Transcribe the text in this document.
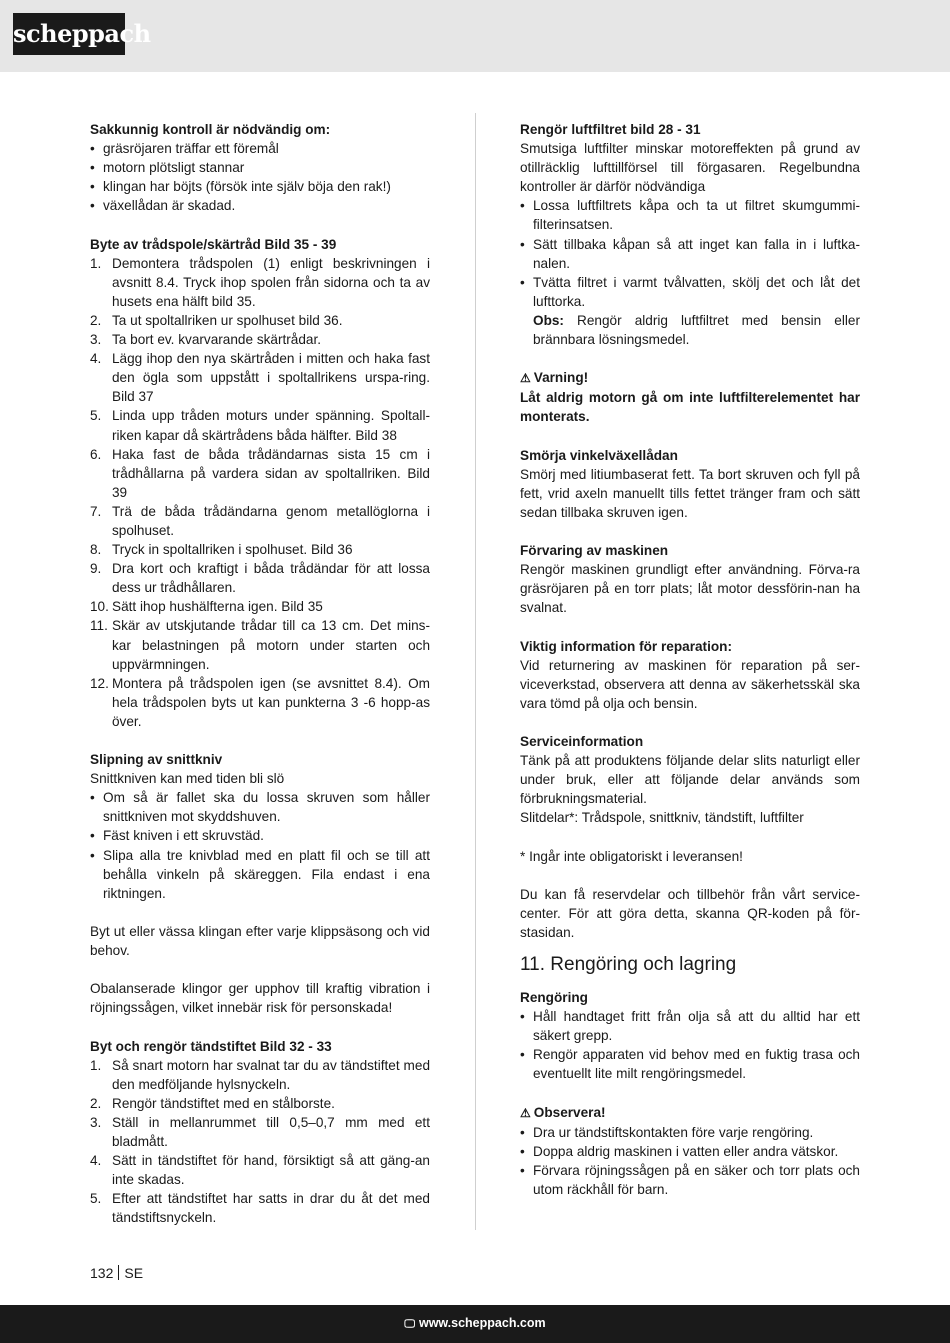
scheppach
Sakkunnig kontroll är nödvändig om:
• gräsröjaren träffar ett föremål
• motorn plötsligt stannar
• klingan har böjts (försök inte själv böja den rak!)
• växellådan är skadad.
Byte av trådspole/skärtråd Bild 35 - 39
1. Demontera trådspolen (1) enligt beskrivningen i avsnitt 8.4. Tryck ihop spolen från sidorna och ta av husets ena hälft bild 35.
2. Ta ut spoltallriken ur spolhuset bild 36.
3. Ta bort ev. kvarvarande skärtrådar.
4. Lägg ihop den nya skärtråden i mitten och haka fast den ögla som uppstått i spoltallrikens urspa-ring. Bild 37
5. Linda upp tråden moturs under spänning. Spoltall-riken kapar då skärtrådens båda hälfter. Bild 38
6. Haka fast de båda trådändarnas sista 15 cm i trådhållarna på vardera sidan av spoltallriken. Bild 39
7. Trä de båda trådändarna genom metallöglorna i spolhuset.
8. Tryck in spoltallriken i spolhuset. Bild 36
9. Dra kort och kraftigt i båda trådändar för att lossa dess ur trådhållaren.
10. Sätt ihop hushälfterna igen. Bild 35
11. Skär av utskjutande trådar till ca 13 cm. Det mins-kar belastningen på motorn under starten och uppvärmningen.
12. Montera på trådspolen igen (se avsnittet 8.4). Om hela trådspolen byts ut kan punkterna 3 -6 hopp-as över.
Slipning av snittkniv

Snittkniven kan med tiden bli slö

• Om så är fallet ska du lossa skruven som håller snittkniven mot skyddshuven.
• Fäst kniven i ett skruvstäd.
• Slipa alla tre knivblad med en platt fil och se till att behålla vinkeln på skäreggen. Fila endast i ena riktningen.

Byt ut eller vässa klingan efter varje klippsäsong och vid behov.

Obalanserade klingor ger upphov till kraftig vibration i röjningssågen, vilket innebär risk för personskada!

Byt och rengör tändstiftet Bild 32 - 33
1. Så snart motorn har svalnat tar du av tändstiftet med den medföljande hylsnyckeln.
2. Rengör tändstiftet med en stålborste.
3. Ställ in mellanrummet till 0,5–0,7 mm med ett bladmått.
4. Sätt in tändstiftet för hand, försiktigt så att gäng-an inte skadas.
5. Efter att tändstiftet har satts in drar du åt det med tändstiftsnyckeln.
Rengör luftfiltret bild 28 - 31

Smutsiga luftfilter minskar motoreffekten på grund av otillräcklig lufttillförsel till förgasaren. Regelbundna kontroller är därför nödvändiga

• Lossa luftfiltrets kåpa och ta ut filtret skumgummi-filterinsatsen.
• Sätt tillbaka kåpan så att inget kan falla in i luftka-nalen.
• Tvätta filtret i varmt tvålvatten, skölj det och låt det lufttorka.
Obs: Rengör aldrig luftfiltret med bensin eller brännbara lösningsmedel.
⚠ Varning!

Låt aldrig motorn gå om inte luftfilterelementet har monterats.

Smörja vinkelväxellådan

Smörj med litiumbaserat fett. Ta bort skruven och fyll på fett, vrid axeln manuellt tills fettet tränger fram och sätt sedan tillbaka skruven igen.

Förvaring av maskinen

Rengör maskinen grundligt efter användning. Förva-ra gräsröjaren på en torr plats; låt motor dessförin-nan ha svalnat.

Viktig information för reparation:

Vid returnering av maskinen för reparation på ser-viceverkstad, observera att denna av säkerhetsskäl ska vara tömd på olja och bensin.

Serviceinformation

Tänk på att produktens följande delar slits naturligt eller under bruk, eller att följande delar används som förbrukningsmaterial.

Slitdelar*: Trådspole, snittkniv, tändstift, luftfilter

* Ingår inte obligatoriskt i leveransen!

Du kan få reservdelar och tillbehör från vårt service-center. För att göra detta, skanna QR-koden på för-stasidan.

11. Rengöring och lagring
Rengöring
• Håll handtaget fritt från olja så att du alltid har ett säkert grepp.
• Rengör apparaten vid behov med en fuktig trasa och eventuellt lite milt rengöringsmedel.
⚠ Observera!
• Dra ur tändstiftskontakten före varje rengöring.
• Doppa aldrig maskinen i vatten eller andra vätskor.
• Förvara röjningssågen på en säker och torr plats och utom räckhåll för barn.
132 SE
🖵 www.scheppach.com
